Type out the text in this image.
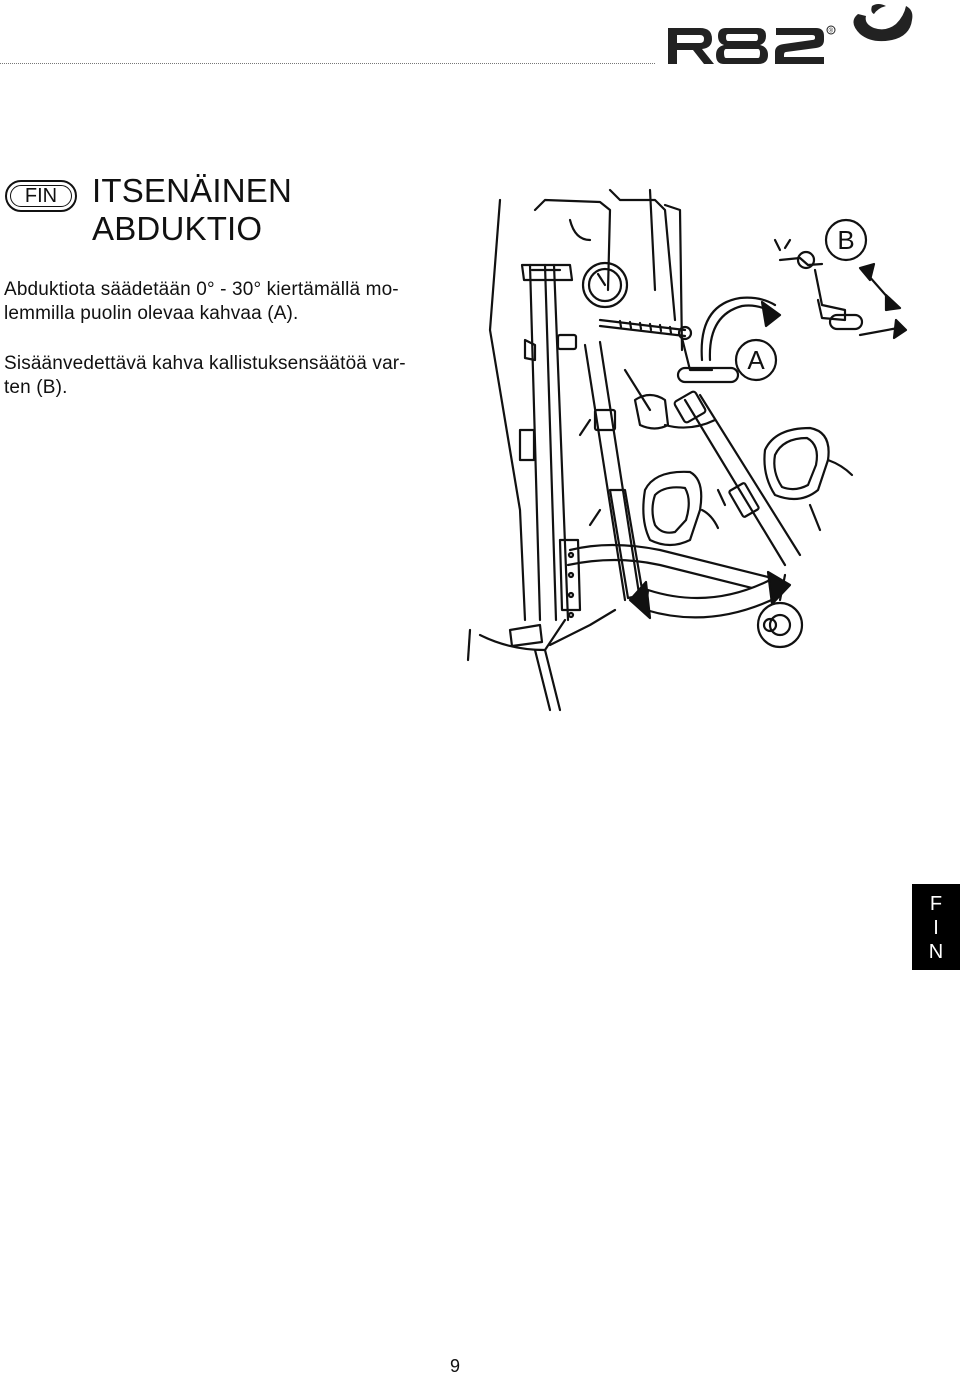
®
FIN	ITSENÄINEN
ABDUKTIO

Abduktiota säädetään 0° - 30° kiertämällä mo-
lemmilla puolin olevaa kahvaa (A).

Sisäänvedettävä kahva kallistuksensäätöä var-
ten (B).

A
B
F
I
N
9
